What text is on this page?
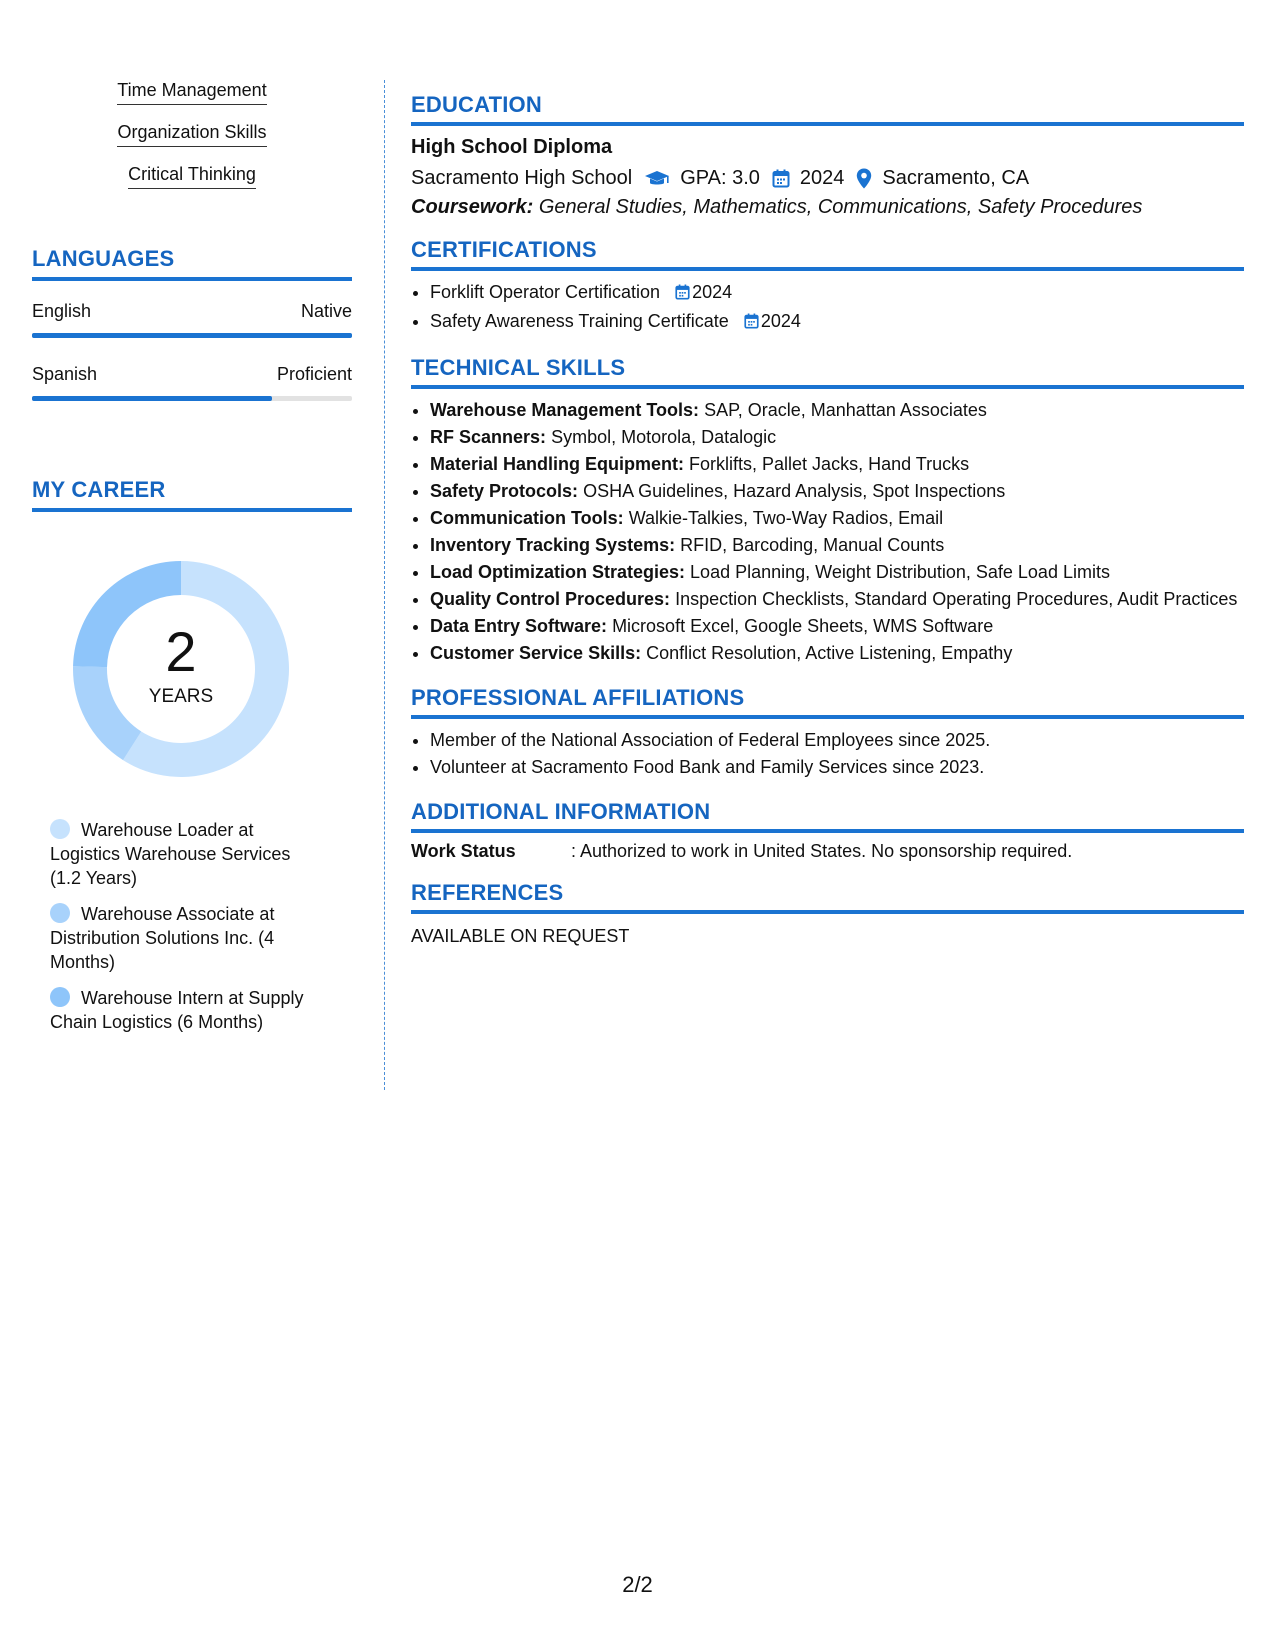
Time Management
Organization Skills
Critical Thinking
LANGUAGES
English	Native
Spanish	Proficient
MY CAREER
2
YEARS
Warehouse Loader at Logistics Warehouse Services (1.2 Years)
Warehouse Associate at Distribution Solutions Inc. (4 Months)
Warehouse Intern at Supply Chain Logistics (6 Months)
EDUCATION
High School Diploma
Sacramento High School GPA: 3.0 2024 Sacramento, CA
Coursework: General Studies, Mathematics, Communications, Safety Procedures
CERTIFICATIONS
• Forklift Operator Certification 2024
• Safety Awareness Training Certificate 2024
TECHNICAL SKILLS
• Warehouse Management Tools: SAP, Oracle, Manhattan Associates
• RF Scanners: Symbol, Motorola, Datalogic
• Material Handling Equipment: Forklifts, Pallet Jacks, Hand Trucks
• Safety Protocols: OSHA Guidelines, Hazard Analysis, Spot Inspections
• Communication Tools: Walkie-Talkies, Two-Way Radios, Email
• Inventory Tracking Systems: RFID, Barcoding, Manual Counts
• Load Optimization Strategies: Load Planning, Weight Distribution, Safe Load Limits
• Quality Control Procedures: Inspection Checklists, Standard Operating Procedures, Audit Practices
• Data Entry Software: Microsoft Excel, Google Sheets, WMS Software
• Customer Service Skills: Conflict Resolution, Active Listening, Empathy
PROFESSIONAL AFFILIATIONS
• Member of the National Association of Federal Employees since 2025.
• Volunteer at Sacramento Food Bank and Family Services since 2023.
ADDITIONAL INFORMATION
Work Status	: Authorized to work in United States. No sponsorship required.
REFERENCES
AVAILABLE ON REQUEST
2/2
